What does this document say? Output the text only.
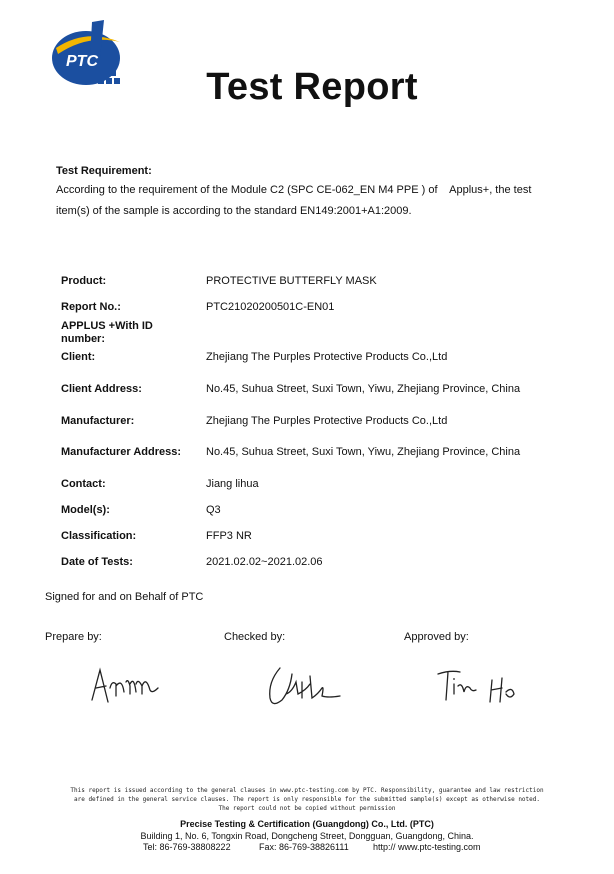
PTC
Test Report
Test Requirement:
According to the requirement of the Module C2 (SPC CE-062_EN M4 PPE ) of    Applus+, the test
item(s) of the sample is according to the standard EN149:2001+A1:2009.
Product:	PROTECTIVE BUTTERFLY MASK
Report No.:	PTC21020200501C-EN01
APPLUS +With ID number:
Client:	Zhejiang The Purples Protective Products Co.,Ltd
Client Address:	No.45, Suhua Street, Suxi Town, Yiwu, Zhejiang Province, China
Manufacturer:	Zhejiang The Purples Protective Products Co.,Ltd
Manufacturer Address:	No.45, Suhua Street, Suxi Town, Yiwu, Zhejiang Province, China
Contact:	Jiang lihua
Model(s):	Q3
Classification:	FFP3 NR
Date of Tests:	2021.02.02~2021.02.06
Signed for and on Behalf of PTC
Prepare by:	Checked by:	Approved by:
This report is issued according to the general clauses in www.ptc-testing.com by PTC. Responsibility, guarantee and law restriction
are defined in the general service clauses. The report is only responsible for the submitted sample(s) except as otherwise noted.
The report could not be copied without permission
Precise Testing & Certification (Guangdong) Co., Ltd. (PTC)
Building 1, No. 6, Tongxin Road, Dongcheng Street, Dongguan, Guangdong, China.
Tel: 86-769-38808222	Fax: 86-769-38826111	http:// www.ptc-testing.com
